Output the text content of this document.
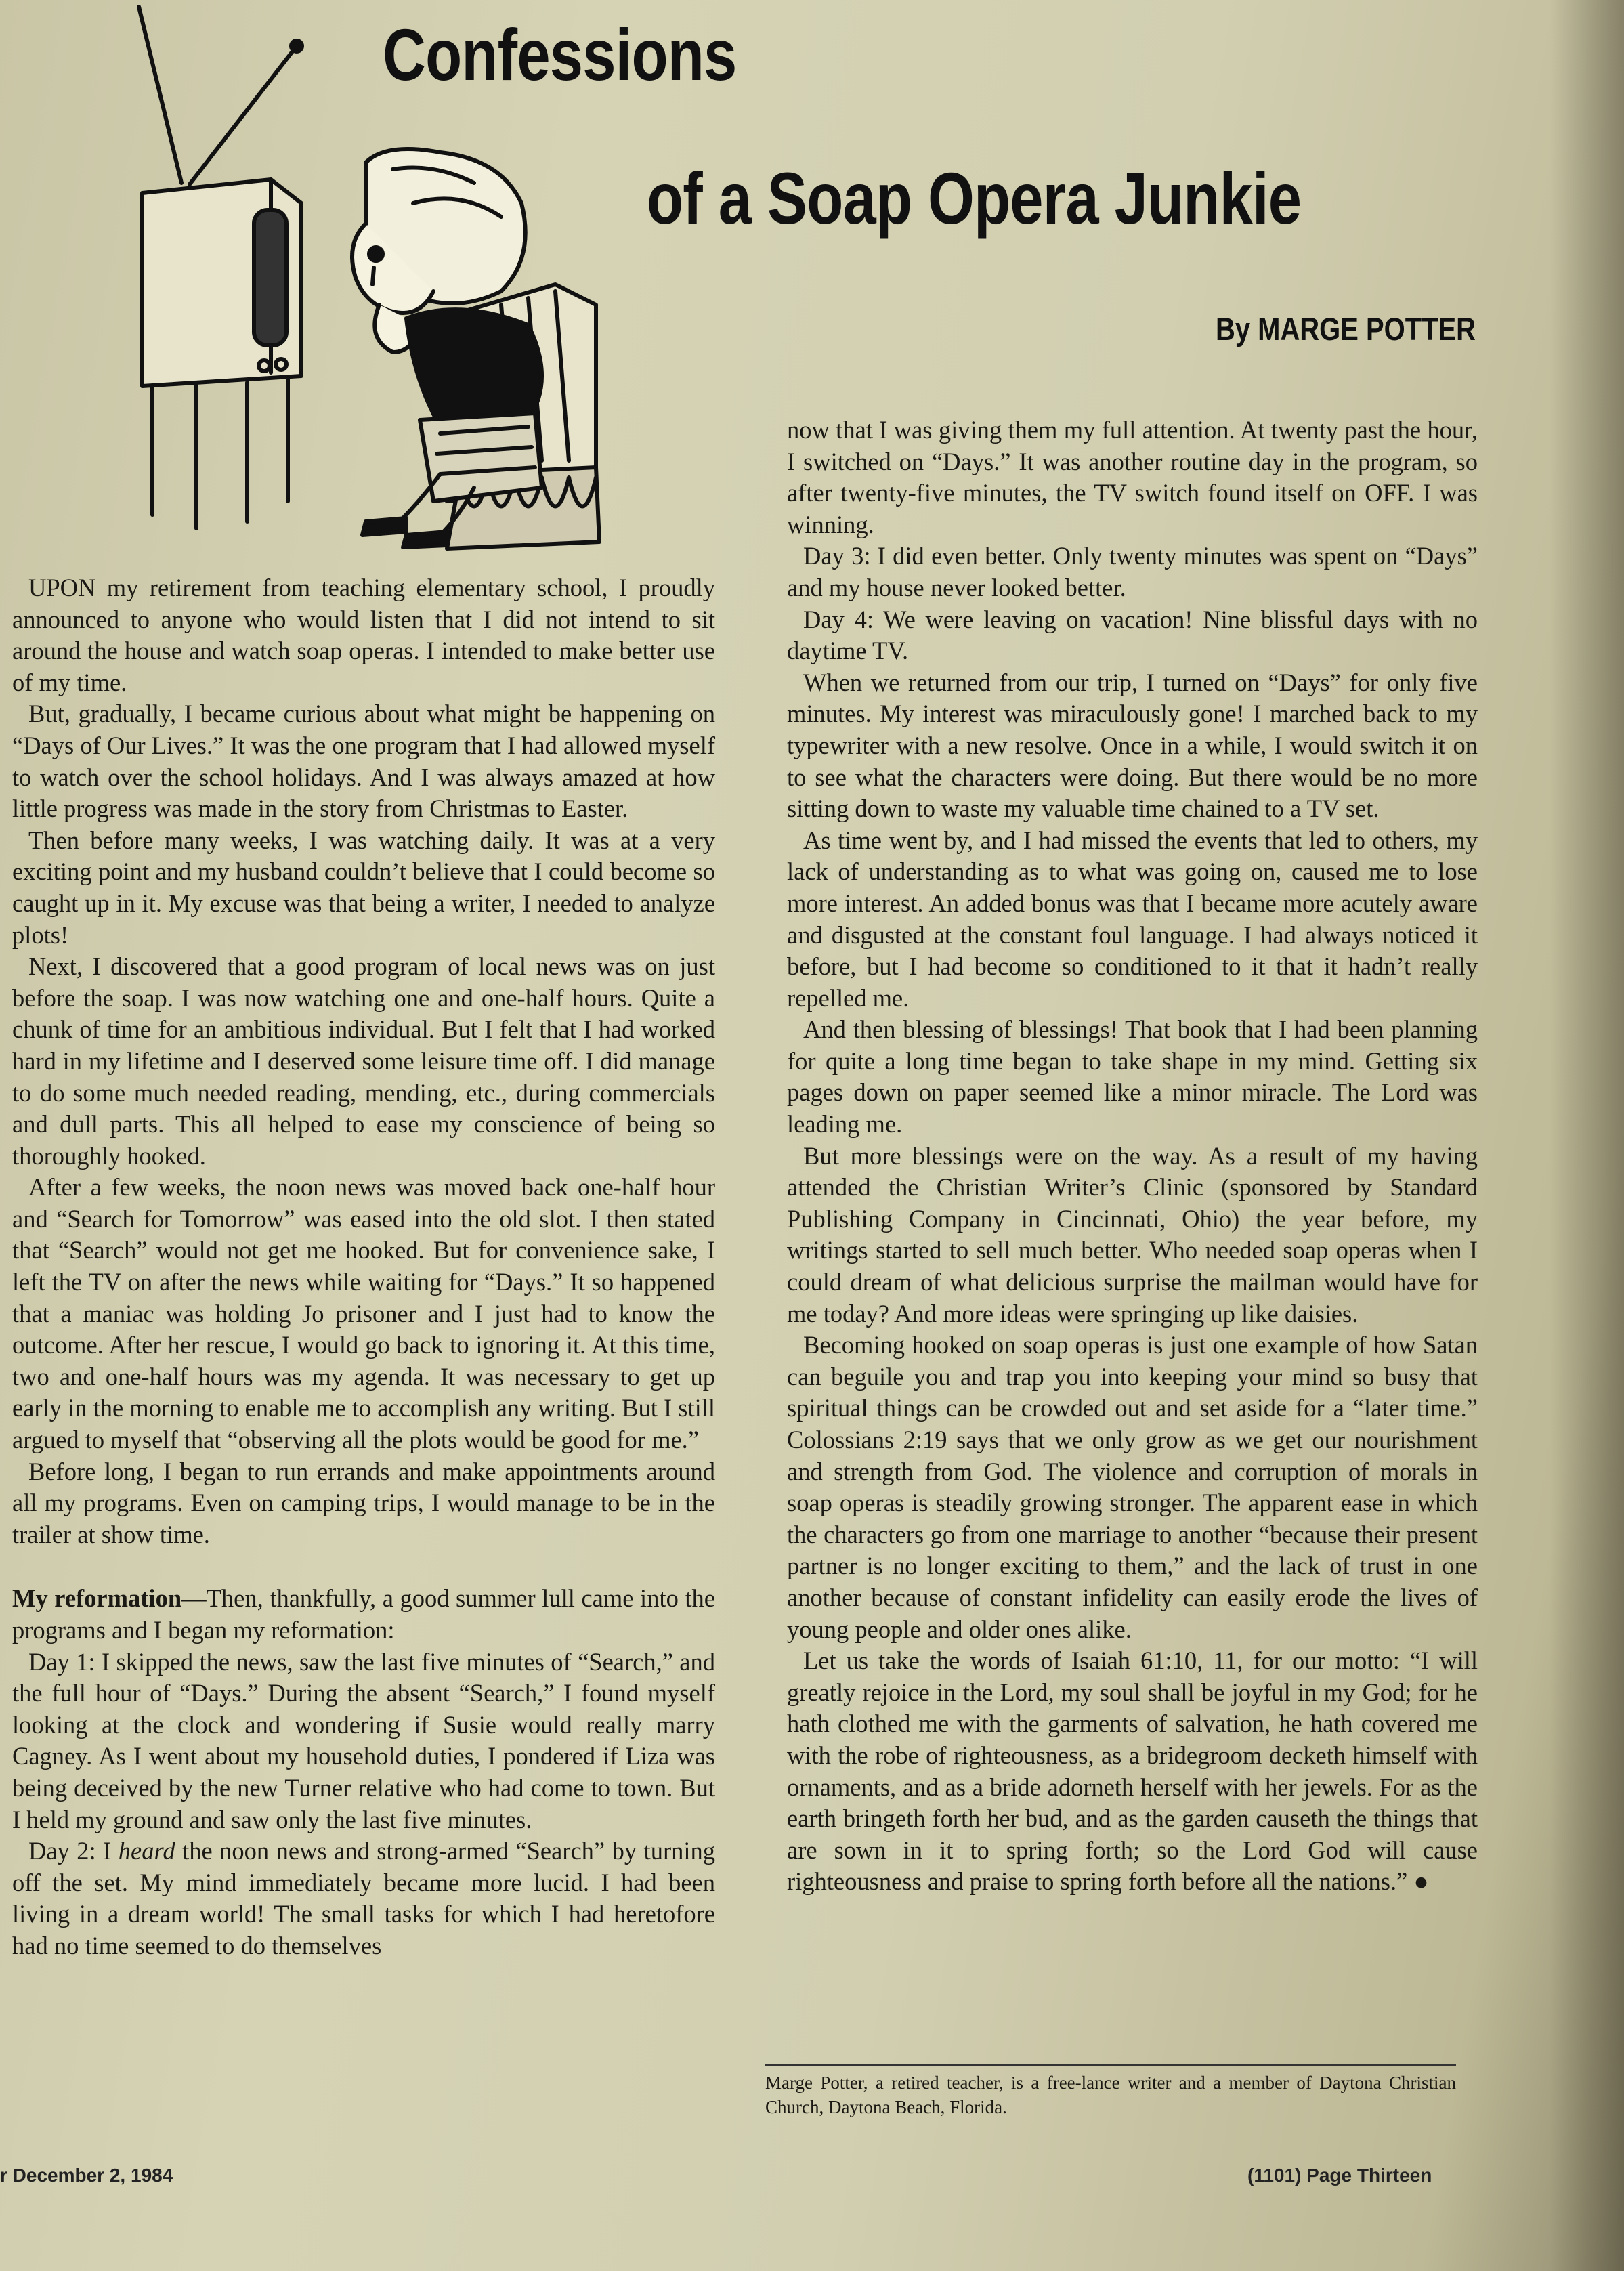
Confessions
of a Soap Opera Junkie
By MARGE POTTER

UPON my retirement from teaching elementary school, I proudly announced to anyone who would listen that I did not intend to sit around the house and watch soap operas. I intended to make better use of my time.

But, gradually, I became curious about what might be happening on “Days of Our Lives.” It was the one program that I had allowed myself to watch over the school holidays. And I was always amazed at how little progress was made in the story from Christmas to Easter.

Then before many weeks, I was watching daily. It was at a very exciting point and my husband couldn’t believe that I could become so caught up in it. My excuse was that being a writer, I needed to analyze plots!

Next, I discovered that a good program of local news was on just before the soap. I was now watching one and one-half hours. Quite a chunk of time for an ambitious individual. But I felt that I had worked hard in my lifetime and I deserved some leisure time off. I did manage to do some much needed reading, mending, etc., during commercials and dull parts. This all helped to ease my conscience of being so thoroughly hooked.

After a few weeks, the noon news was moved back one-half hour and “Search for Tomorrow” was eased into the old slot. I then stated that “Search” would not get me hooked. But for convenience sake, I left the TV on after the news while waiting for “Days.” It so happened that a maniac was holding Jo prisoner and I just had to know the outcome. After her rescue, I would go back to ignoring it. At this time, two and one-half hours was my agenda. It was necessary to get up early in the morning to enable me to accomplish any writing. But I still argued to myself that “observing all the plots would be good for me.”

Before long, I began to run errands and make appointments around all my programs. Even on camping trips, I would manage to be in the trailer at show time.

My reformation—Then, thankfully, a good summer lull came into the programs and I began my reformation:

Day 1: I skipped the news, saw the last five minutes of “Search,” and the full hour of “Days.” During the absent “Search,” I found myself looking at the clock and wondering if Susie would really marry Cagney. As I went about my household duties, I pondered if Liza was being deceived by the new Turner relative who had come to town. But I held my ground and saw only the last five minutes.

Day 2: I heard the noon news and strong-armed “Search” by turning off the set. My mind immediately became more lucid. I had been living in a dream world! The small tasks for which I had heretofore had no time seemed to do themselves

now that I was giving them my full attention. At twenty past the hour, I switched on “Days.” It was another routine day in the program, so after twenty-five minutes, the TV switch found itself on OFF. I was winning.

Day 3: I did even better. Only twenty minutes was spent on “Days” and my house never looked better.

Day 4: We were leaving on vacation! Nine blissful days with no daytime TV.

When we returned from our trip, I turned on “Days” for only five minutes. My interest was miraculously gone! I marched back to my typewriter with a new resolve. Once in a while, I would switch it on to see what the characters were doing. But there would be no more sitting down to waste my valuable time chained to a TV set.

As time went by, and I had missed the events that led to others, my lack of understanding as to what was going on, caused me to lose more interest. An added bonus was that I became more acutely aware and disgusted at the constant foul language. I had always noticed it before, but I had become so conditioned to it that it hadn’t really repelled me.

And then blessing of blessings! That book that I had been planning for quite a long time began to take shape in my mind. Getting six pages down on paper seemed like a minor miracle. The Lord was leading me.

But more blessings were on the way. As a result of my having attended the Christian Writer’s Clinic (sponsored by Standard Publishing Company in Cincinnati, Ohio) the year before, my writings started to sell much better. Who needed soap operas when I could dream of what delicious surprise the mailman would have for me today? And more ideas were springing up like daisies.

Becoming hooked on soap operas is just one example of how Satan can beguile you and trap you into keeping your mind so busy that spiritual things can be crowded out and set aside for a “later time.” Colossians 2:19 says that we only grow as we get our nourishment and strength from God. The violence and corruption of morals in soap operas is steadily growing stronger. The apparent ease in which the characters go from one marriage to another “because their present partner is no longer exciting to them,” and the lack of trust in one another because of constant infidelity can easily erode the lives of young people and older ones alike.

Let us take the words of Isaiah 61:10, 11, for our motto: “I will greatly rejoice in the Lord, my soul shall be joyful in my God; for he hath clothed me with the garments of salvation, he hath covered me with the robe of righteousness, as a bridegroom decketh himself with ornaments, and as a bride adorneth herself with her jewels. For as the earth bringeth forth her bud, and as the garden causeth the things that are sown in it to spring forth; so the Lord God will cause righteousness and praise to spring forth before all the nations.” ●

Marge Potter, a retired teacher, is a free-lance writer and a member of Daytona Christian Church, Daytona Beach, Florida.
r December 2, 1984	(1101) Page Thirteen
